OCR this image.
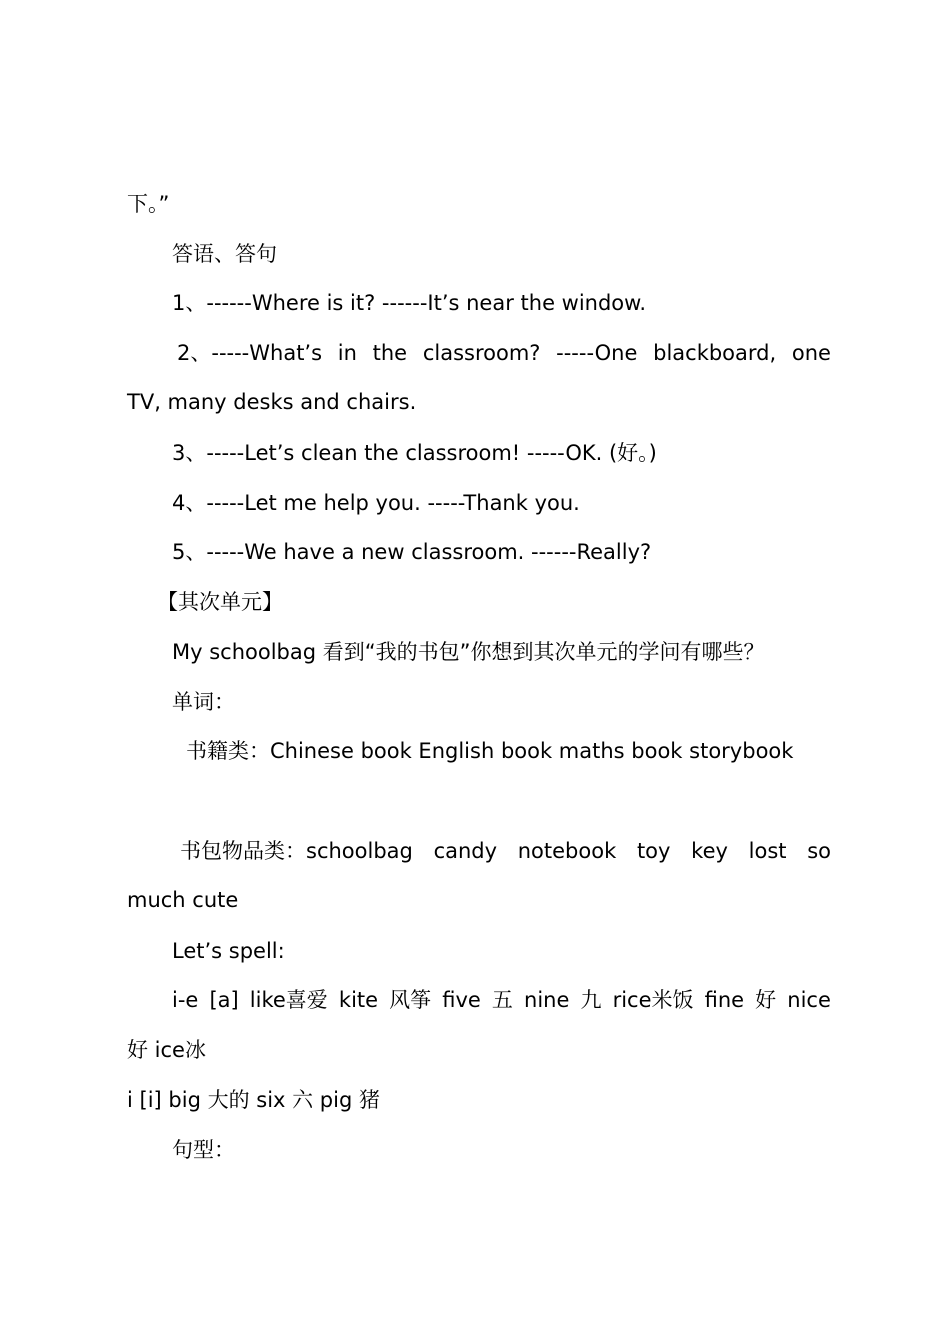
下。”
答语、答句
1、------Where is it? ------It’s near the window.
2、-----What’s in the classroom? -----One blackboard, one
TV, many desks and chairs.
3、-----Let’s clean the classroom! -----OK. (好。)
4、-----Let me help you. -----Thank you.
5、-----We have a new classroom. ------Really?
【其次单元】
My schoolbag 看到“我的书包”你想到其次单元的学问有哪些？
单词：
书籍类：Chinese book English book maths book storybook
书包物品类：schoolbag candy notebook toy key lost so
much cute
Let’s spell:
i-e [a] like喜爱 kite 风筝 five 五 nine 九 rice米饭 fine 好 nice
好 ice冰
i [i] big 大的 six 六 pig 猪
句型：
